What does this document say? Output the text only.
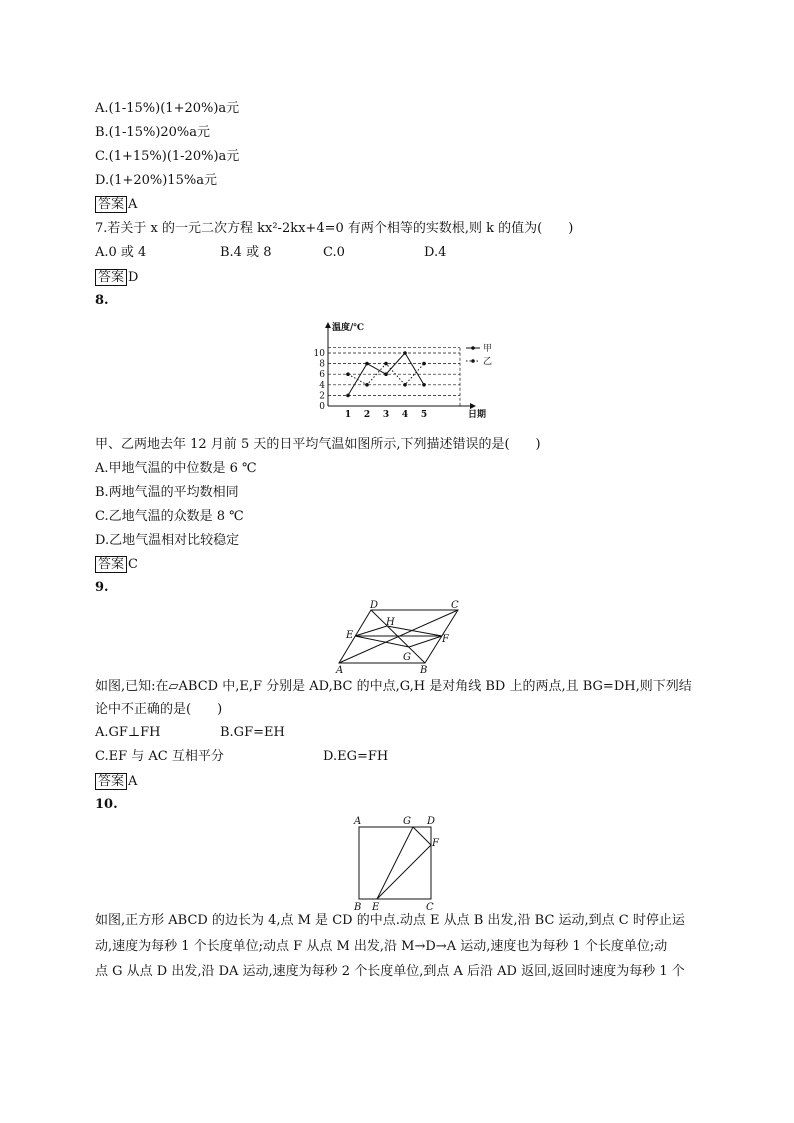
A.(1-15%)(1+20%)a元
B.(1-15%)20%a元
C.(1+15%)(1-20%)a元
D.(1+20%)15%a元
答案 A
7.若关于 x 的一元二次方程 kx²-2kx+4=0 有两个相等的实数根,则 k 的值为(　　)
A.0 或 4	B.4 或 8	C.0	D.4
答案 D
8.
0
2
4
6
8
10
1 2 3 4 5
温度/℃
日期
甲
乙
甲、乙两地去年 12 月前 5 天的日平均气温如图所示,下列描述错误的是(　　)
A.甲地气温的中位数是 6 ℃
B.两地气温的平均数相同
C.乙地气温的众数是 8 ℃
D.乙地气温相对比较稳定
答案 C
9.
D	C
E	F
H
G
A	B
如图,已知:在▱ABCD 中,E,F 分别是 AD,BC 的中点,G,H 是对角线 BD 上的两点,且 BG=DH,则下列结
论中不正确的是(　　)
A.GF⊥FH	B.GF=EH
C.EF 与 AC 互相平分	D.EG=FH
答案 A
10.
A	G D
F
B E	C
如图,正方形 ABCD 的边长为 4,点 M 是 CD 的中点.动点 E 从点 B 出发,沿 BC 运动,到点 C 时停止运
动,速度为每秒 1 个长度单位;动点 F 从点 M 出发,沿 M→D→A 运动,速度也为每秒 1 个长度单位;动
点 G 从点 D 出发,沿 DA 运动,速度为每秒 2 个长度单位,到点 A 后沿 AD 返回,返回时速度为每秒 1 个
